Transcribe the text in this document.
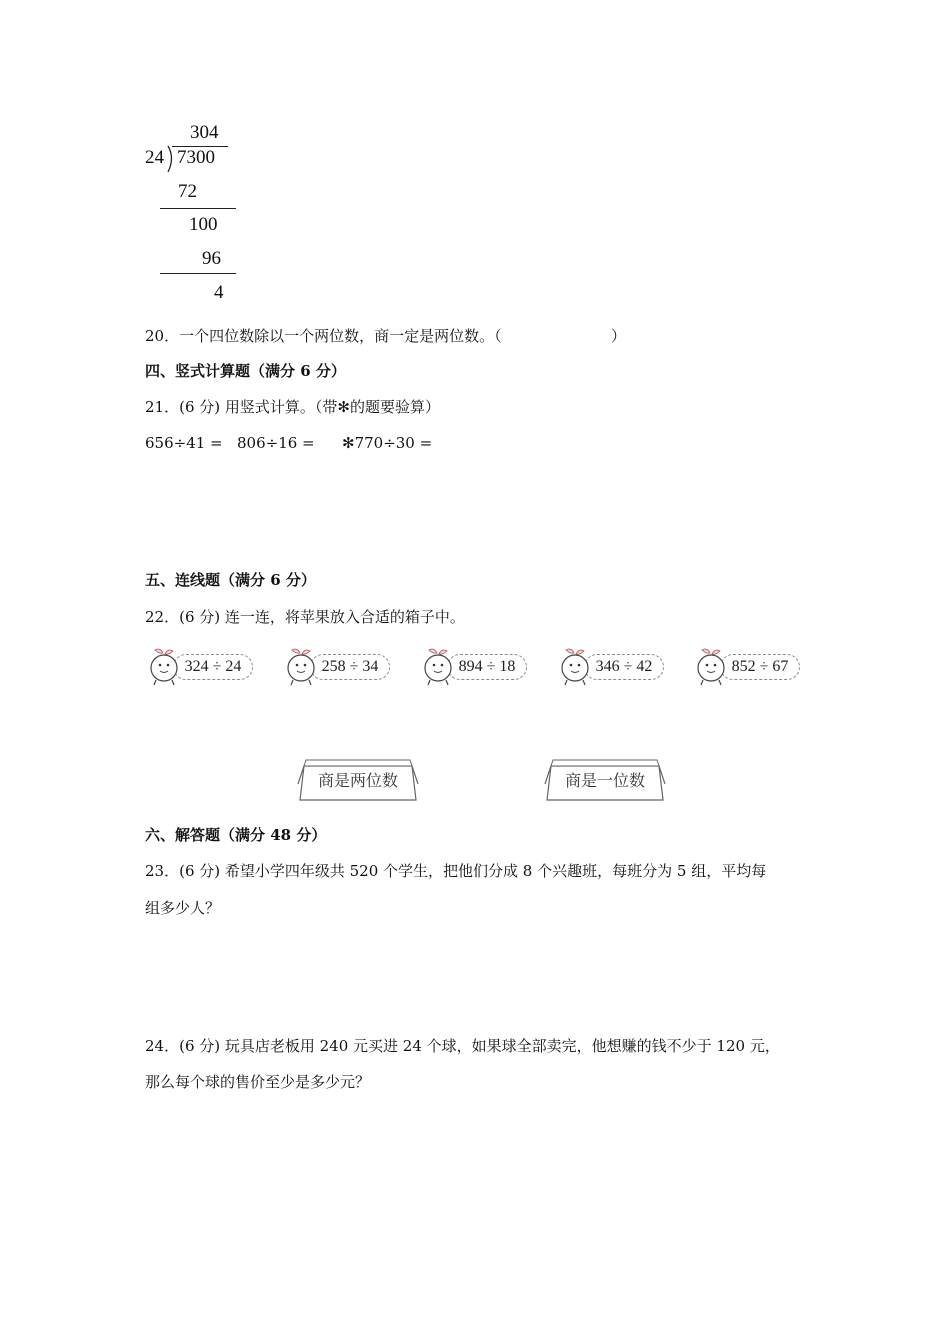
304
24 7300
72
100
96
4
20．一个四位数除以一个两位数，商一定是两位数。（	）
四、竖式计算题（满分 6 分）
21．(6 分) 用竖式计算。（带✻的题要验算）
656÷41 = 806÷16 = ✻770÷30 =
五、连线题（满分 6 分）
22．(6 分) 连一连，将苹果放入合适的箱子中。
324 ÷ 24	258 ÷ 34	894 ÷ 18	346 ÷ 42	852 ÷ 67
商是两位数	商是一位数
六、解答题（满分 48 分）
23．(6 分) 希望小学四年级共 520 个学生，把他们分成 8 个兴趣班，每班分为 5 组，平均每
组多少人？
24．(6 分) 玩具店老板用 240 元买进 24 个球，如果球全部卖完，他想赚的钱不少于 120 元，
那么每个球的售价至少是多少元？
